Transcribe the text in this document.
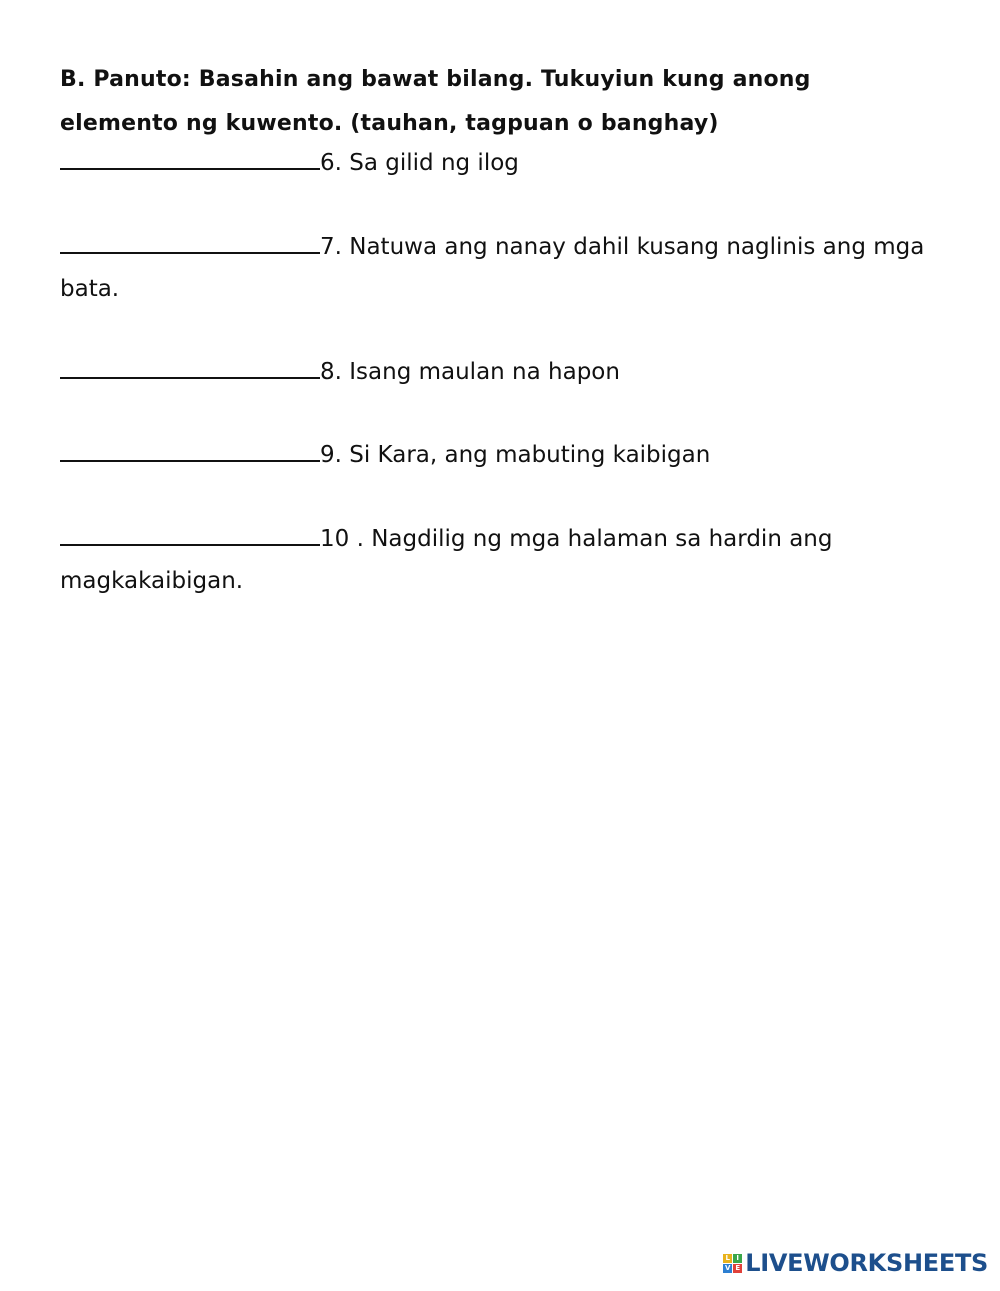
B. Panuto: Basahin ang bawat bilang. Tukuyiun kung anong elemento ng kuwento. (tauhan, tagpuan o banghay)
6. Sa gilid ng ilog
7. Natuwa ang nanay dahil kusang naglinis ang mga bata.
8. Isang maulan na hapon
9. Si Kara, ang mabuting kaibigan
10 . Nagdilig ng mga halaman sa hardin ang magkakaibigan.
L I
V E LIVEWORKSHEETS
